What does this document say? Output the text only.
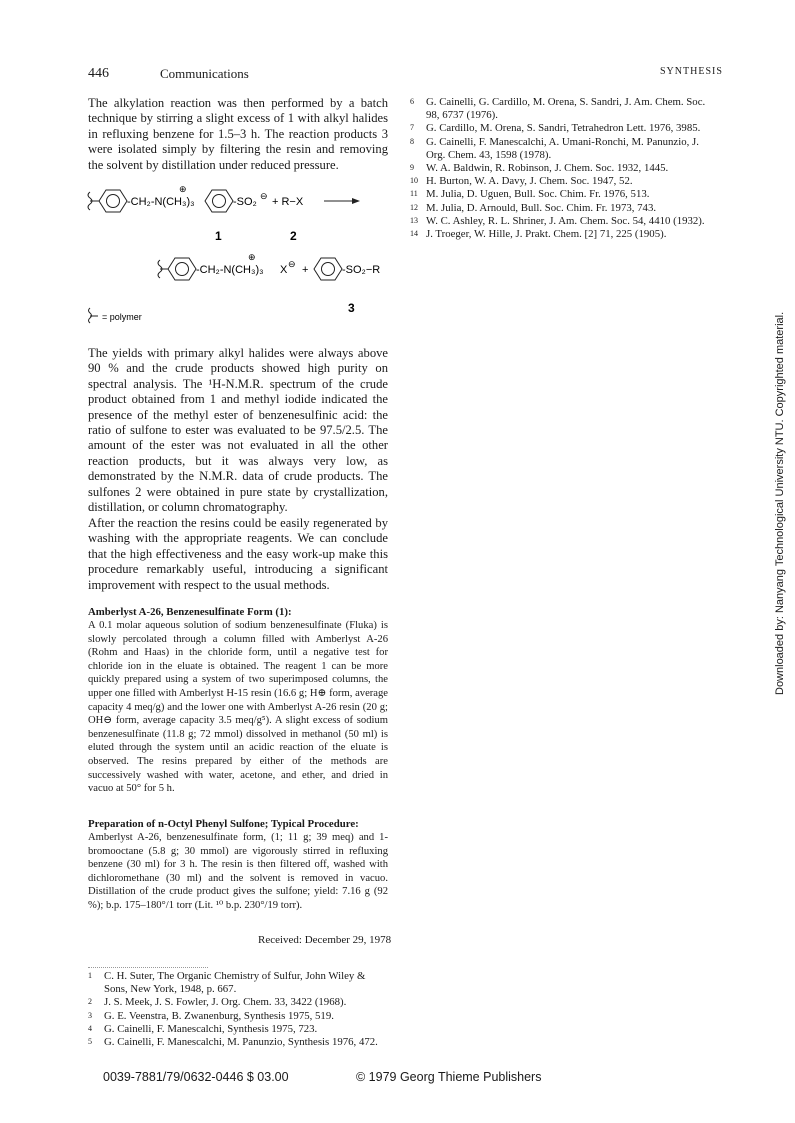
446	Communications	SYNTHESIS

The alkylation reaction was then performed by a batch technique by stirring a slight excess of 1 with alkyl halides in refluxing benzene for 1.5–3 h. The reaction products 3 were isolated simply by filtering the resin and removing the solvent by distillation under reduced pressure.

-CH₂-N(CH₃)₃
⊕
-SO₂ ⊖ + R−X
1	2
-CH₂-N(CH₃)₃
⊕
X ⊖ +	-SO₂−R
3
= polymer

The yields with primary alkyl halides were always above 90 % and the crude products showed high purity on spectral analysis. The ¹H-N.M.R. spectrum of the crude product obtained from 1 and methyl iodide indicated the presence of the methyl ester of benzenesulfinic acid: the ratio of sulfone to ester was evaluated to be 97.5/2.5. The amount of the ester was not evaluated in all the other reaction products, but it was always very low, as demonstrated by the N.M.R. data of crude products. The sulfones 2 were obtained in pure state by crystallization, distillation, or column chromatography.

After the reaction the resins could be easily regenerated by washing with the appropriate reagents. We can conclude that the high effectiveness and the easy work-up make this procedure remarkably useful, introducing a significant improvement with respect to the usual methods.

Amberlyst A-26, Benzenesulfinate Form (1):

A 0.1 molar aqueous solution of sodium benzenesulfinate (Fluka) is slowly percolated through a column filled with Amberlyst A-26 (Rohm and Haas) in the chloride form, until a negative test for chloride ion in the eluate is obtained. The reagent 1 can be more quickly prepared using a system of two superimposed columns, the upper one filled with Amberlyst H-15 resin (16.6 g; H⊕ form, average capacity 4 meq/g) and the lower one with Amberlyst A-26 resin (20 g; OH⊖ form, average capacity 3.5 meq/g⁵). A slight excess of sodium benzenesulfinate (11.8 g; 72 mmol) dissolved in methanol (50 ml) is eluted through the system until an acidic reaction of the eluate is observed. The resins prepared by either of the methods are successively washed with water, acetone, and ether, and dried in vacuo at 50° for 5 h.

Preparation of n-Octyl Phenyl Sulfone; Typical Procedure:

Amberlyst A-26, benzenesulfinate form, (1; 11 g; 39 meq) and 1-bromooctane (5.8 g; 30 mmol) are vigorously stirred in refluxing benzene (30 ml) for 3 h. The resin is then filtered off, washed with dichloromethane (30 ml) and the solvent is removed in vacuo. Distillation of the crude product gives the sulfone; yield: 7.16 g (92 %); b.p. 175–180°/1 torr (Lit. ¹⁰ b.p. 230°/19 torr).

Received: December 29, 1978
1	C. H. Suter, The Organic Chemistry of Sulfur, John Wiley & Sons, New York, 1948, p. 667.
2	J. S. Meek, J. S. Fowler, J. Org. Chem. 33, 3422 (1968).
3	G. E. Veenstra, B. Zwanenburg, Synthesis 1975, 519.
4	G. Cainelli, F. Manescalchi, Synthesis 1975, 723.
5	G. Cainelli, F. Manescalchi, M. Panunzio, Synthesis 1976, 472.
6	G. Cainelli, G. Cardillo, M. Orena, S. Sandri, J. Am. Chem. Soc. 98, 6737 (1976).
7	G. Cardillo, M. Orena, S. Sandri, Tetrahedron Lett. 1976, 3985.
8	G. Cainelli, F. Manescalchi, A. Umani-Ronchi, M. Panunzio, J. Org. Chem. 43, 1598 (1978).
9	W. A. Baldwin, R. Robinson, J. Chem. Soc. 1932, 1445.
10 H. Burton, W. A. Davy, J. Chem. Soc. 1947, 52.
11 M. Julia, D. Uguen, Bull. Soc. Chim. Fr. 1976, 513.
12 M. Julia, D. Arnould, Bull. Soc. Chim. Fr. 1973, 743.
13 W. C. Ashley, R. L. Shriner, J. Am. Chem. Soc. 54, 4410 (1932).
14 J. Troeger, W. Hille, J. Prakt. Chem. [2] 71, 225 (1905).
0039-7881/79/0632-0446 $ 03.00	© 1979 Georg Thieme Publishers
Downloaded by: Nanyang Technological University NTU. Copyrighted material.
